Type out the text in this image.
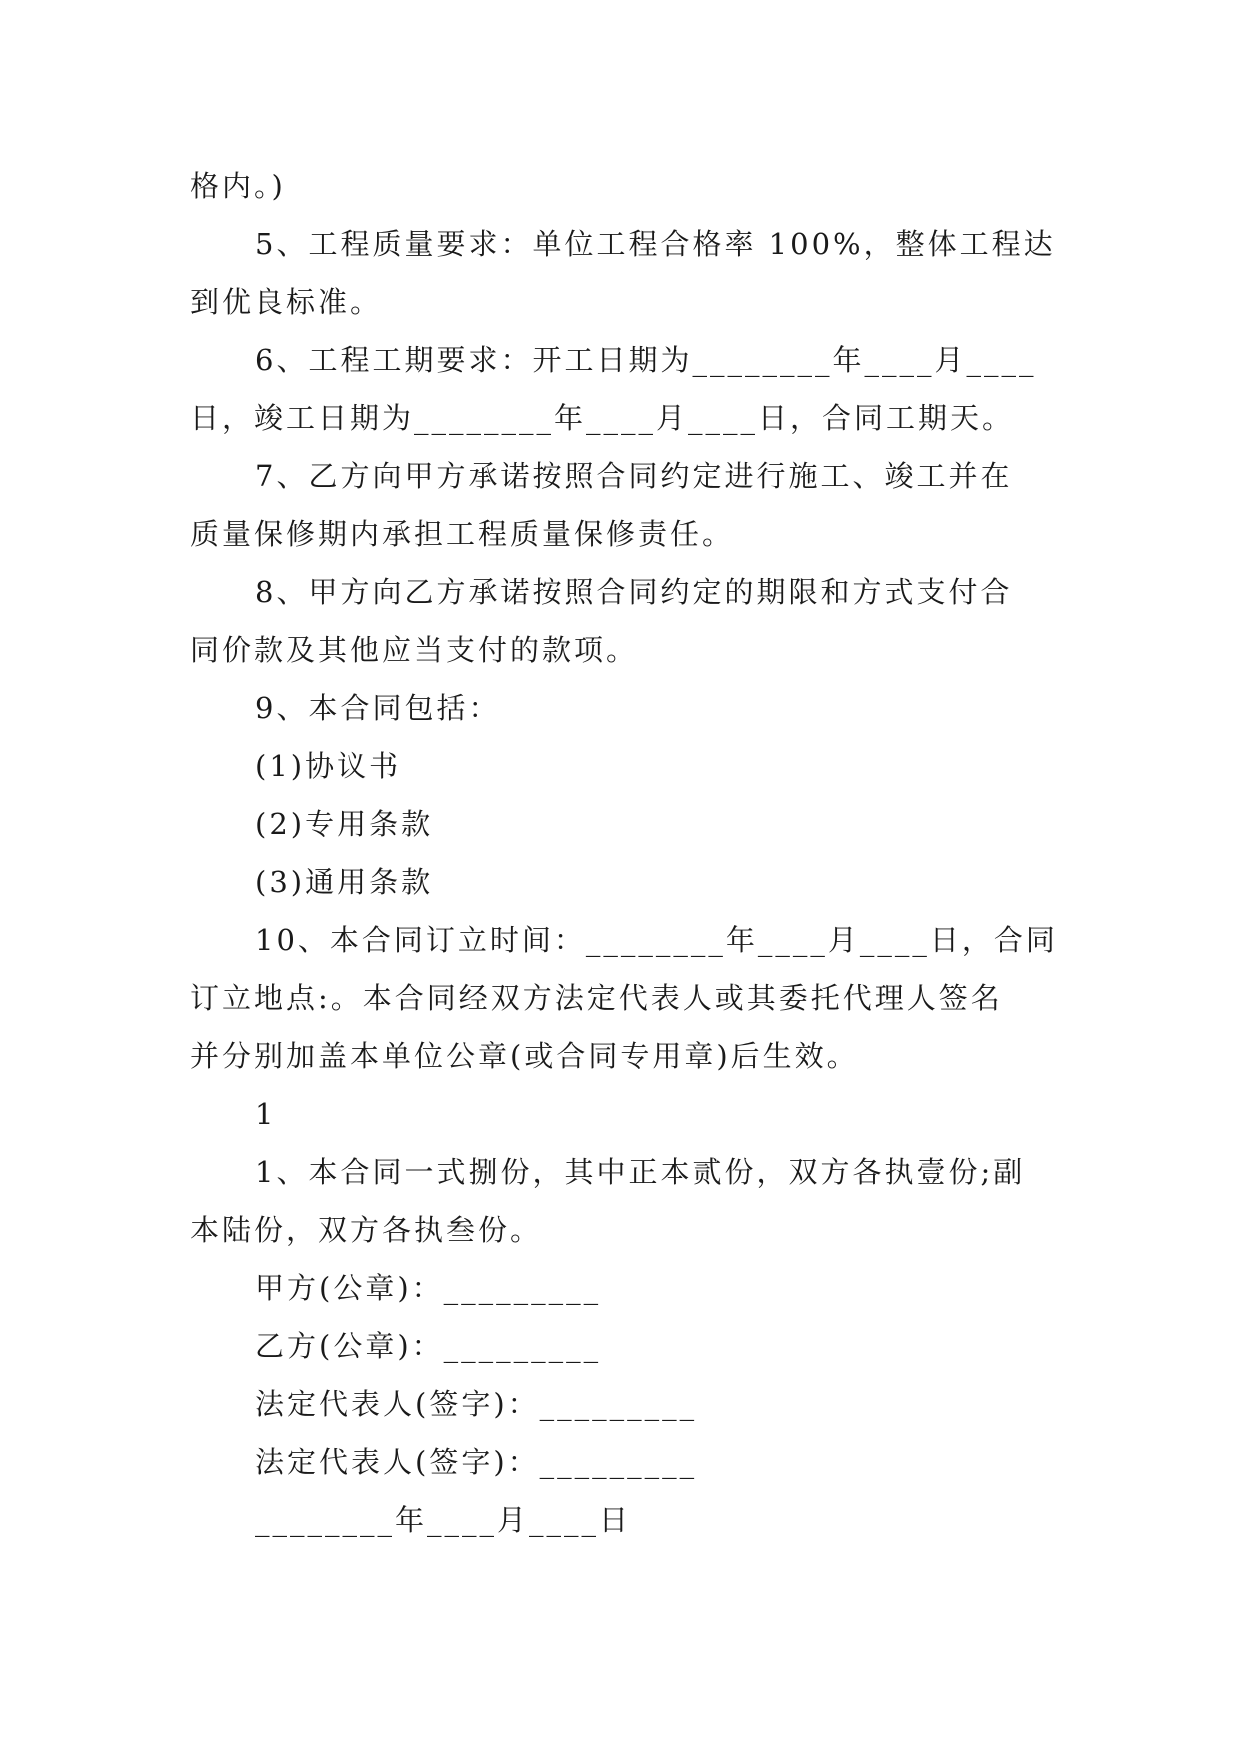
格内。)
5、工程质量要求：单位工程合格率 100%，整体工程达
到优良标准。
6、工程工期要求：开工日期为________年____月____
日，竣工日期为________年____月____日，合同工期天。
7、乙方向甲方承诺按照合同约定进行施工、竣工并在
质量保修期内承担工程质量保修责任。
8、甲方向乙方承诺按照合同约定的期限和方式支付合
同价款及其他应当支付的款项。
9、本合同包括：
(1)协议书
(2)专用条款
(3)通用条款
10、本合同订立时间：________年____月____日，合同
订立地点:。本合同经双方法定代表人或其委托代理人签名
并分别加盖本单位公章(或合同专用章)后生效。
1
1、本合同一式捌份，其中正本贰份，双方各执壹份;副
本陆份，双方各执叁份。
甲方(公章)：_________
乙方(公章)：_________
法定代表人(签字)：_________
法定代表人(签字)：_________
________年____月____日
